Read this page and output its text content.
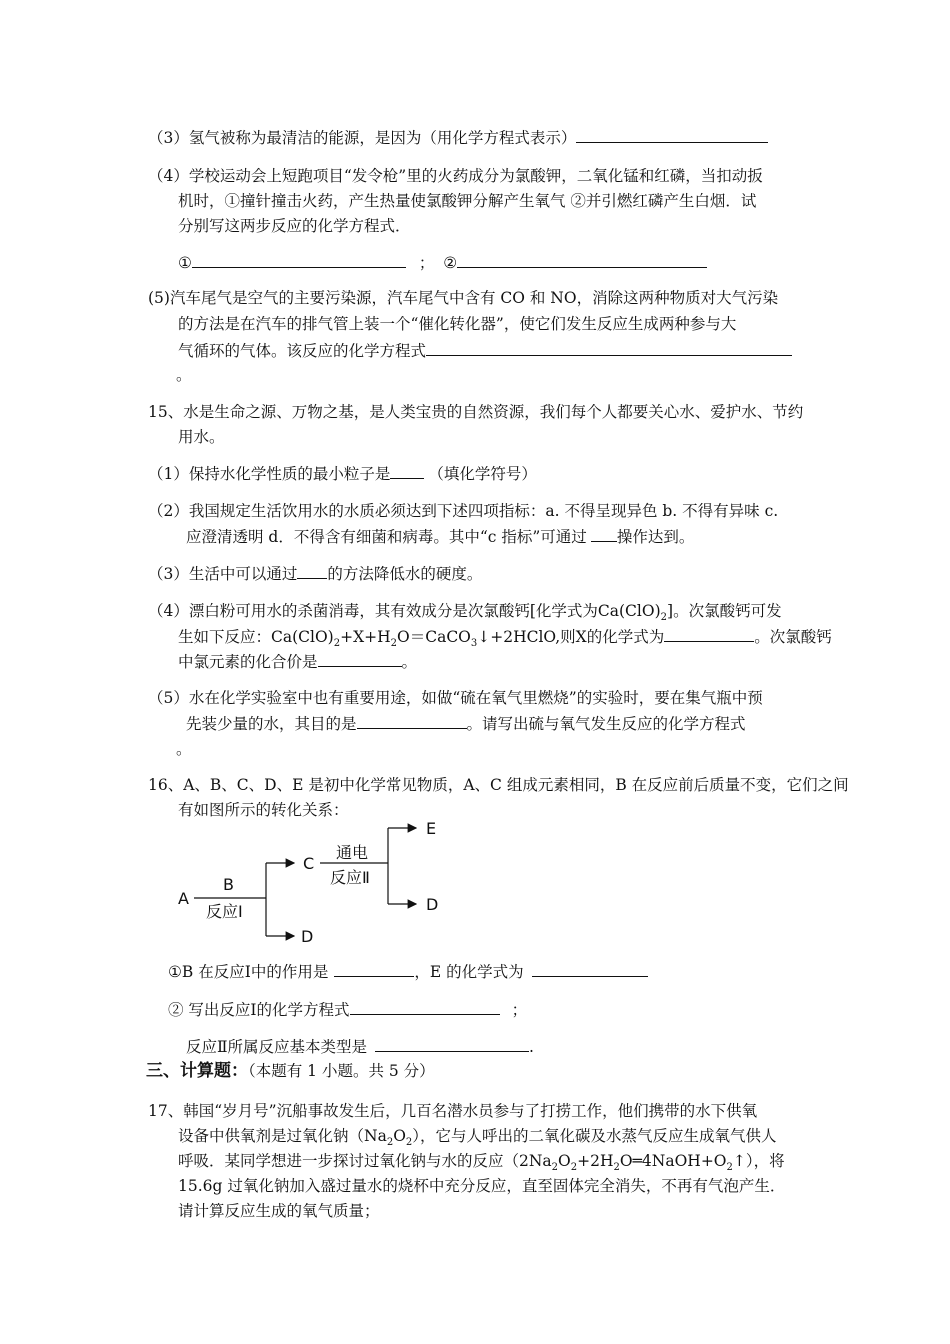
（3）氢气被称为最清洁的能源，是因为（用化学方程式表示）
（4）学校运动会上短跑项目“发令枪”里的火药成分为氯酸钾，二氧化锰和红磷，当扣动扳
机时，①撞针撞击火药，产生热量使氯酸钾分解产生氧气 ②并引燃红磷产生白烟．试
分别写这两步反应的化学方程式．
①	； ②
(5)汽车尾气是空气的主要污染源，汽车尾气中含有 CO 和 NO，消除这两种物质对大气污染
的方法是在汽车的排气管上装一个“催化转化器”，使它们发生反应生成两种参与大
气循环的气体。该反应的化学方程式
。
15、水是生命之源、万物之基，是人类宝贵的自然资源，我们每个人都要关心水、爱护水、节约
用水。
（1）保持水化学性质的最小粒子是 （填化学符号）
（2）我国规定生活饮用水的水质必须达到下述四项指标：a. 不得呈现异色 b. 不得有异味 c.
应澄清透明 d．不得含有细菌和病毒。其中“c 指标”可通过 操作达到。
（3）生活中可以通过 的方法降低水的硬度。
（4）漂白粉可用水的杀菌消毒，其有效成分是次氯酸钙[化学式为$Ca(ClO)_2$]。次氯酸钙可发
生如下反应：$Ca(ClO)_2+X+H_2O=CaCO_3↓+2HClO$,则X的化学式为	。次氯酸钙
中氯元素的化合价是	。
（5）水在化学实验室中也有重要用途，如做“硫在氧气里燃烧”的实验时，要在集气瓶中预
先装少量的水，其目的是	。请写出硫与氧气发生反应的化学方程式
。
16、A、B、C、D、E 是初中化学常见物质，A、C 组成元素相同，B 在反应前后质量不变，它们之间
有如图所示的转化关系：
A
B
反应Ⅰ
C
D
通电
反应Ⅱ
E
D
①B 在反应Ⅰ中的作用是	，E 的化学式为
② 写出反应Ⅰ的化学方程式	；
反应Ⅱ所属反应基本类型是	.
三、计算题：（本题有 1 小题。共 5 分）
17、韩国“岁月号”沉船事故发生后，几百名潜水员参与了打捞工作，他们携带的水下供氧
设备中供氧剂是过氧化钠$(Na_2O_2)$，它与人呼出的二氧化碳及水蒸气反应生成氧气供人
呼吸．某同学想进一步探讨过氧化钠与水的反应$(2Na_2O_2+2H_2O═4NaOH+O_2↑)$，将
15.6g 过氧化钠加入盛过量水的烧杯中充分反应，直至固体完全消失，不再有气泡产生．
请计算反应生成的氧气质量；
